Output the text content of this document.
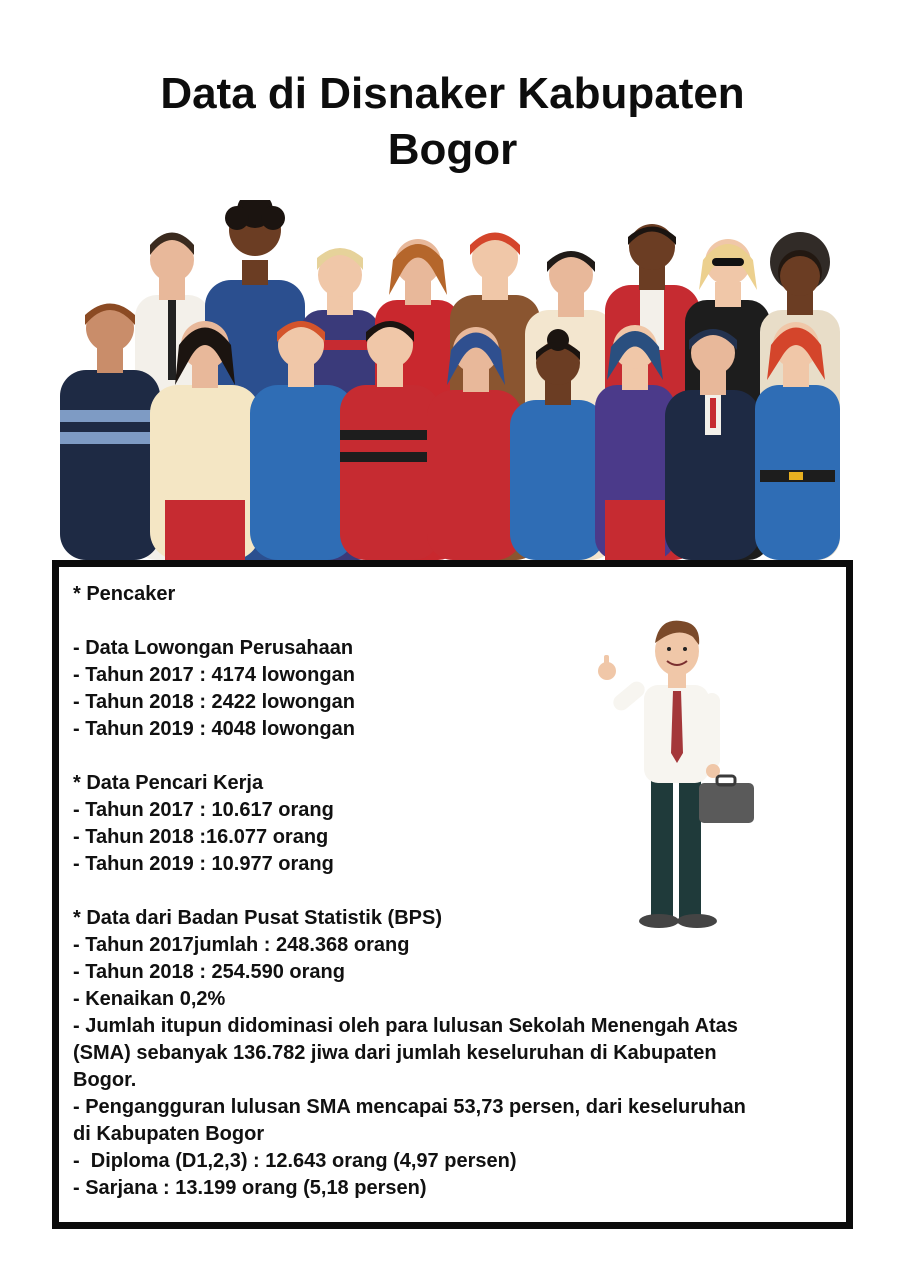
Data di Disnaker Kabupaten
Bogor

* Pencaker

- Data Lowongan Perusahaan

- Tahun 2017 : 4174 lowongan

- Tahun 2018 : 2422 lowongan

- Tahun 2019 : 4048 lowongan

* Data Pencari Kerja

- Tahun 2017 : 10.617 orang

- Tahun 2018 :16.077 orang

- Tahun 2019 : 10.977 orang

* Data dari Badan Pusat Statistik (BPS)

- Tahun 2017jumlah : 248.368 orang

- Tahun 2018 : 254.590 orang

- Kenaikan 0,2%

- Jumlah itupun didominasi oleh para lulusan Sekolah Menengah Atas

(SMA) sebanyak 136.782 jiwa dari jumlah keseluruhan di Kabupaten

Bogor.

- Pengangguran lulusan SMA mencapai 53,73 persen, dari keseluruhan

di Kabupaten Bogor

-  Diploma (D1,2,3) : 12.643 orang (4,97 persen)

- Sarjana : 13.199 orang (5,18 persen)
